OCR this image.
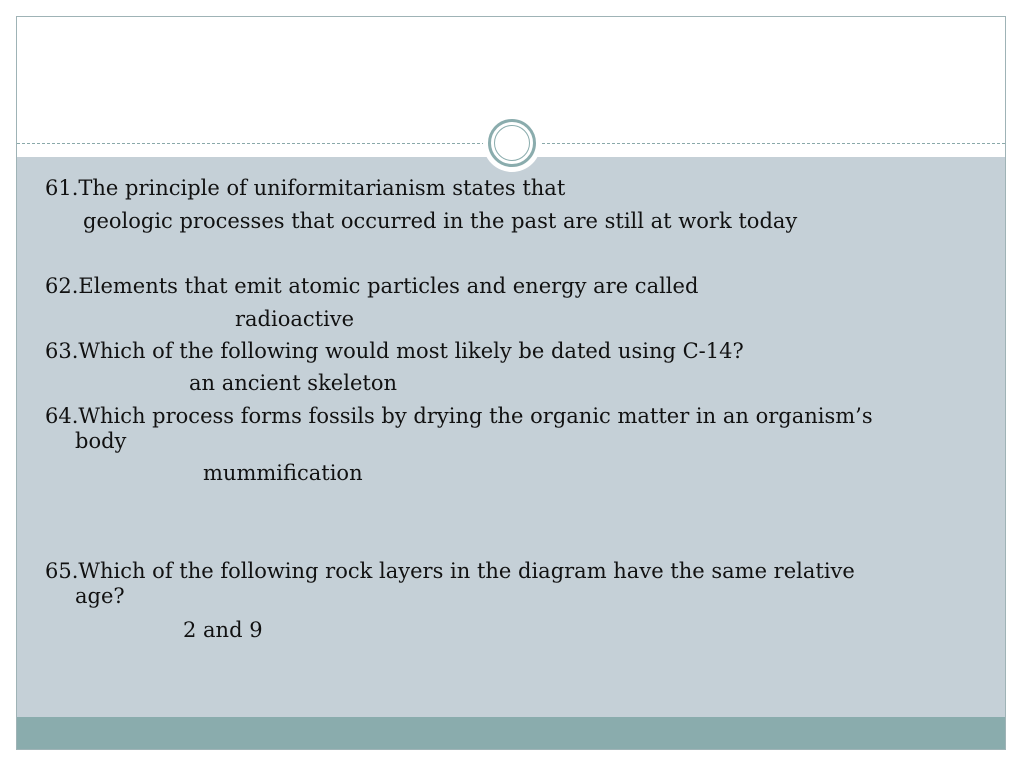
61.The principle of uniformitarianism states that
geologic processes that occurred in the past are still at work today
62.Elements that emit atomic particles and energy are called
radioactive
63.Which of the following would most likely be dated using C-14?
an ancient skeleton
64.Which process forms fossils by drying the organic matter in an organism’s
body
mummification
65.Which of the following rock layers in the diagram have the same relative
age?
2 and 9
